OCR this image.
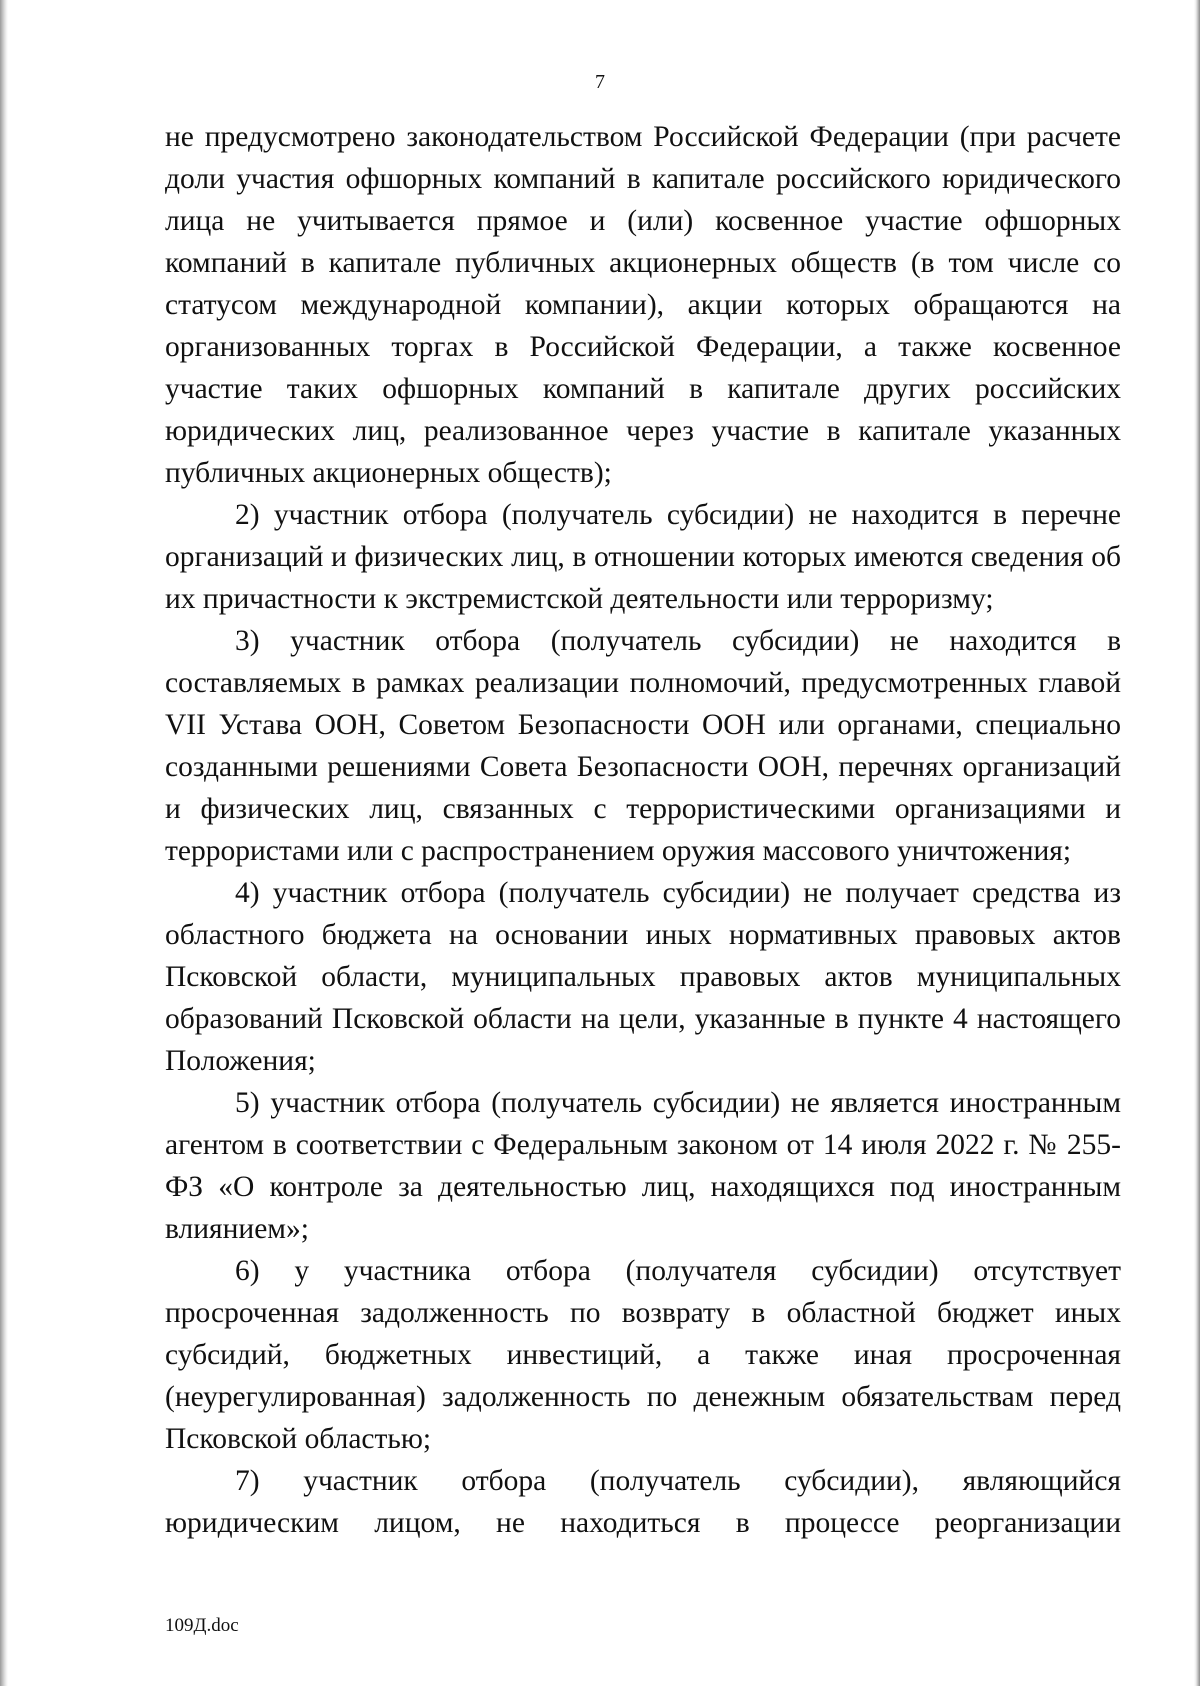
7

не предусмотрено законодательством Российской Федерации (при расчете доли участия офшорных компаний в капитале российского юридического лица не учитывается прямое и (или) косвенное участие офшорных компаний в капитале публичных акционерных обществ (в том числе со статусом международной компании), акции которых обращаются на организованных торгах в Российской Федерации, а также косвенное участие таких офшорных компаний в капитале других российских юридических лиц, реализованное через участие в капитале указанных публичных акционерных обществ);

2) участник отбора (получатель субсидии) не находится в перечне организаций и физических лиц, в отношении которых имеются сведения об их причастности к экстремистской деятельности или терроризму;

3) участник отбора (получатель субсидии) не находится в составляемых в рамках реализации полномочий, предусмотренных главой VII Устава ООН, Советом Безопасности ООН или органами, специально созданными решениями Совета Безопасности ООН, перечнях организаций и физических лиц, связанных с террористическими организациями и террористами или с распространением оружия массового уничтожения;

4) участник отбора (получатель субсидии) не получает средства из областного бюджета на основании иных нормативных правовых актов Псковской области, муниципальных правовых актов муниципальных образований Псковской области на цели, указанные в пункте 4 настоящего Положения;

5) участник отбора (получатель субсидии) не является иностранным агентом в соответствии с Федеральным законом от 14 июля 2022 г. № 255-ФЗ «О контроле за деятельностью лиц, находящихся под иностранным влиянием»;

6) у участника отбора (получателя субсидии) отсутствует просроченная задолженность по возврату в областной бюджет иных субсидий, бюджетных инвестиций, а также иная просроченная (неурегулированная) задолженность по денежным обязательствам перед Псковской областью;

7) участник отбора (получатель субсидии), являющийся юридическим лицом, не находиться в процессе реорганизации

109Д.doc
